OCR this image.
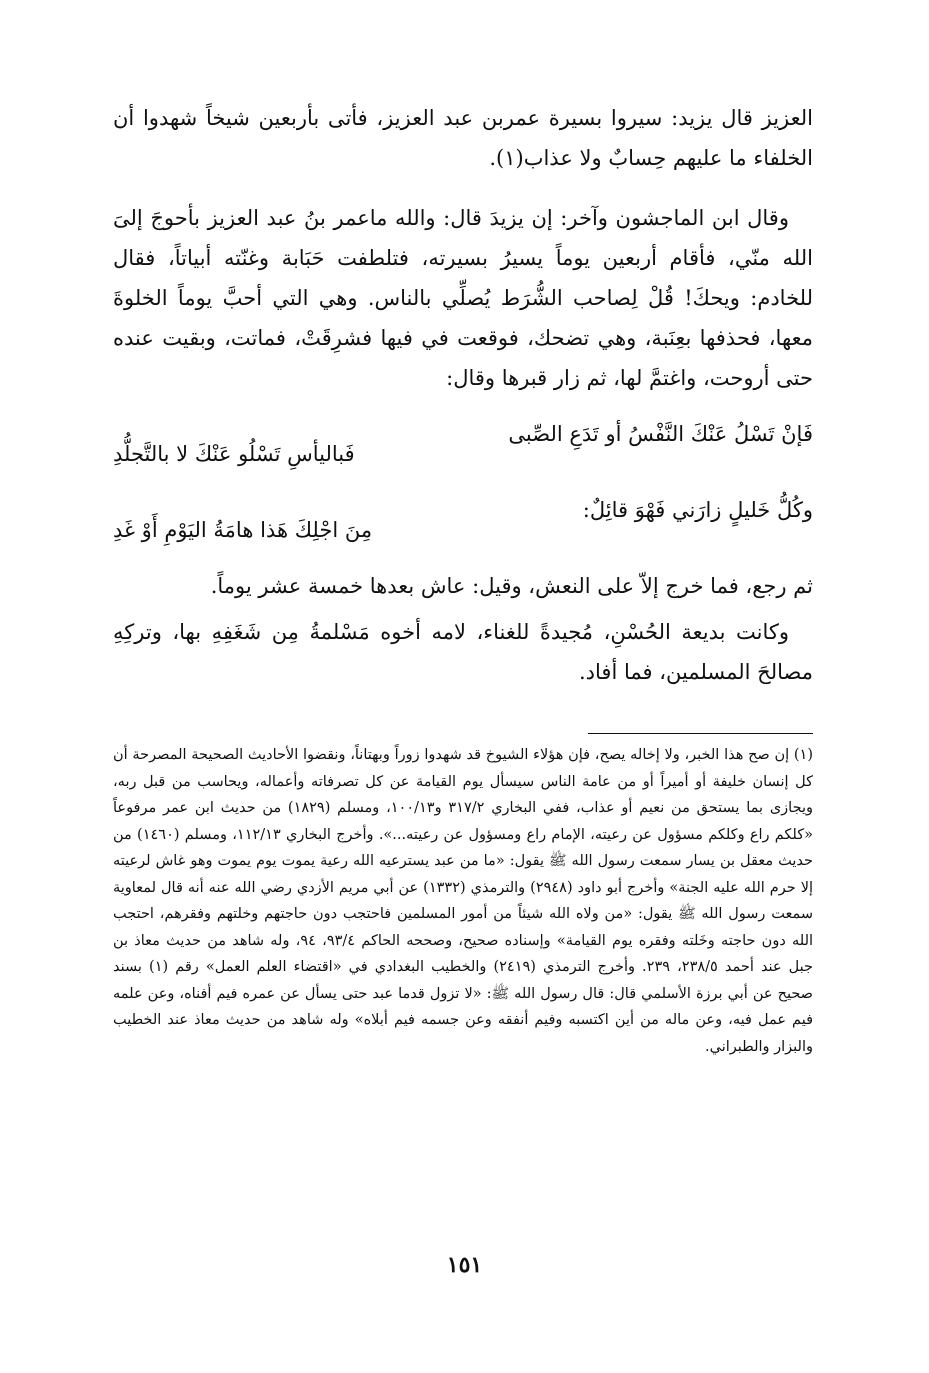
العزيز قال يزيد: سيروا بسيرة عمربن عبد العزيز، فأتى بأربعين شيخاً شهدوا أن الخلفاء ما عليهم حِسابٌ ولا عذاب(١).

وقال ابن الماجشون وآخر: إن يزيدَ قال: والله ماعمر بنُ عبد العزيز بأحوجَ إلىَ الله منّي، فأقام أربعين يوماً يسيرُ بسيرته، فتلطفت حَبَابة وغنّته أبياتاً، فقال للخادم: ويحكَ! قُلْ لِصاحب الشُّرَط يُصلِّي بالناس. وهي التي أحبَّ يوماً الخلوةَ معها، فحذفها بعِنَبة، وهي تضحك، فوقعت في فيها فشرِقَتْ، فماتت، وبقيت عنده حتى أروحت، واغتمَّ لها، ثم زار قبرها وقال:

فَإنْ تَسْلُ عَنْكَ النَّفْسُ أو تَدَعِ الصِّبى
فَباليأسِ تَسْلُو عَنْكَ لا بالتَّجلُّدِ
وكُلُّ خَليلٍ زارَني فَهْوَ قائِلٌ:
مِنَ اجْلِكَ هَذا هامَةُ اليَوْمِ أَوْ غَدِ

ثم رجع، فما خرج إلاّ على النعش، وقيل: عاش بعدها خمسة عشر يوماً.

وكانت بديعة الحُسْنِ، مُجيدةً للغناء، لامه أخوه مَسْلمةُ مِن شَغَفِهِ بها، وتركِهِ مصالحَ المسلمين، فما أفاد.

(١) إن صح هذا الخبر، ولا إخاله يصح، فإن هؤلاء الشيوخ قد شهدوا زوراً وبهتاناً، ونقضوا الأحاديث الصحيحة المصرحة أن كل إنسان خليفة أو أميراً أو من عامة الناس سيسأل يوم القيامة عن كل تصرفاته وأعماله، ويحاسب من قبل ربه، ويجازى بما يستحق من نعيم أو عذاب، ففي البخاري ٣١٧/٢ و١٠٠/١٣، ومسلم (١٨٢٩) من حديث ابن عمر مرفوعاً «كلكم راع وكلكم مسؤول عن رعيته، الإمام راع ومسؤول عن رعيته...». وأخرج البخاري ١١٢/١٣، ومسلم (١٤٦٠) من حديث معقل بن يسار سمعت رسول الله ﷺ يقول: «ما من عبد يسترعيه الله رعية يموت يوم يموت وهو غاش لرعيته إلا حرم الله عليه الجنة» وأخرج أبو داود (٢٩٤٨) والترمذي (١٣٣٢) عن أبي مريم الأزدي رضي الله عنه أنه قال لمعاوية سمعت رسول الله ﷺ يقول: «من ولاه الله شيئاً من أمور المسلمين فاحتجب دون حاجتهم وخلتهم وفقرهم، احتجب الله دون حاجته وخَلته وفقره يوم القيامة» وإسناده صحيح، وصححه الحاكم ٩٣/٤، ٩٤، وله شاهد من حديث معاذ بن جبل عند أحمد ٢٣٨/٥، ٢٣٩. وأخرج الترمذي (٢٤١٩) والخطيب البغدادي في «اقتضاء العلم العمل» رقم (١) بسند صحيح عن أبي برزة الأسلمي قال: قال رسول الله ﷺ: «لا تزول قدما عبد حتى يسأل عن عمره فيم أفناه، وعن علمه فيم عمل فيه، وعن ماله من أين اكتسبه وفيم أنفقه وعن جسمه فيم أبلاه» وله شاهد من حديث معاذ عند الخطيب والبزار والطبراني.

١٥١
